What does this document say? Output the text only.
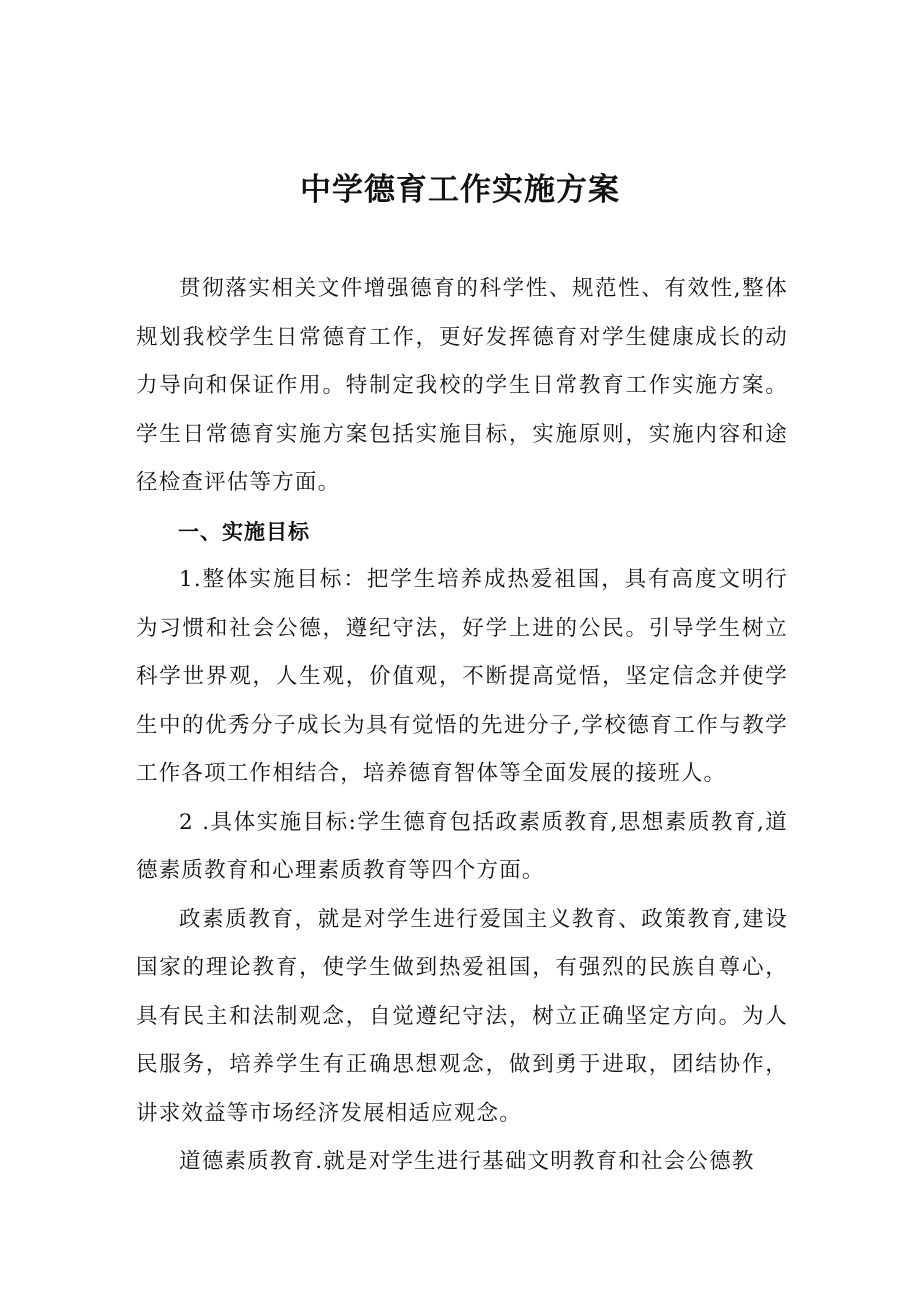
中学德育工作实施方案

贯彻落实相关文件增强德育的科学性、规范性、有效性,整体规划我校学生日常德育工作，更好发挥德育对学生健康成长的动力导向和保证作用。特制定我校的学生日常教育工作实施方案。学生日常德育实施方案包括实施目标，实施原则，实施内容和途径检查评估等方面。

一、实施目标

1.整体实施目标：把学生培养成热爱祖国，具有高度文明行为习惯和社会公德，遵纪守法，好学上进的公民。引导学生树立科学世界观，人生观，价值观，不断提高觉悟，坚定信念并使学生中的优秀分子成长为具有觉悟的先进分子,学校德育工作与教学工作各项工作相结合，培养德育智体等全面发展的接班人。

2 .具体实施目标:学生德育包括政素质教育,思想素质教育,道德素质教育和心理素质教育等四个方面。

政素质教育，就是对学生进行爱国主义教育、政策教育,建设国家的理论教育，使学生做到热爱祖国，有强烈的民族自尊心，具有民主和法制观念，自觉遵纪守法，树立正确坚定方向。为人民服务，培养学生有正确思想观念，做到勇于进取，团结协作，讲求效益等市场经济发展相适应观念。

道德素质教育.就是对学生进行基础文明教育和社会公德教
